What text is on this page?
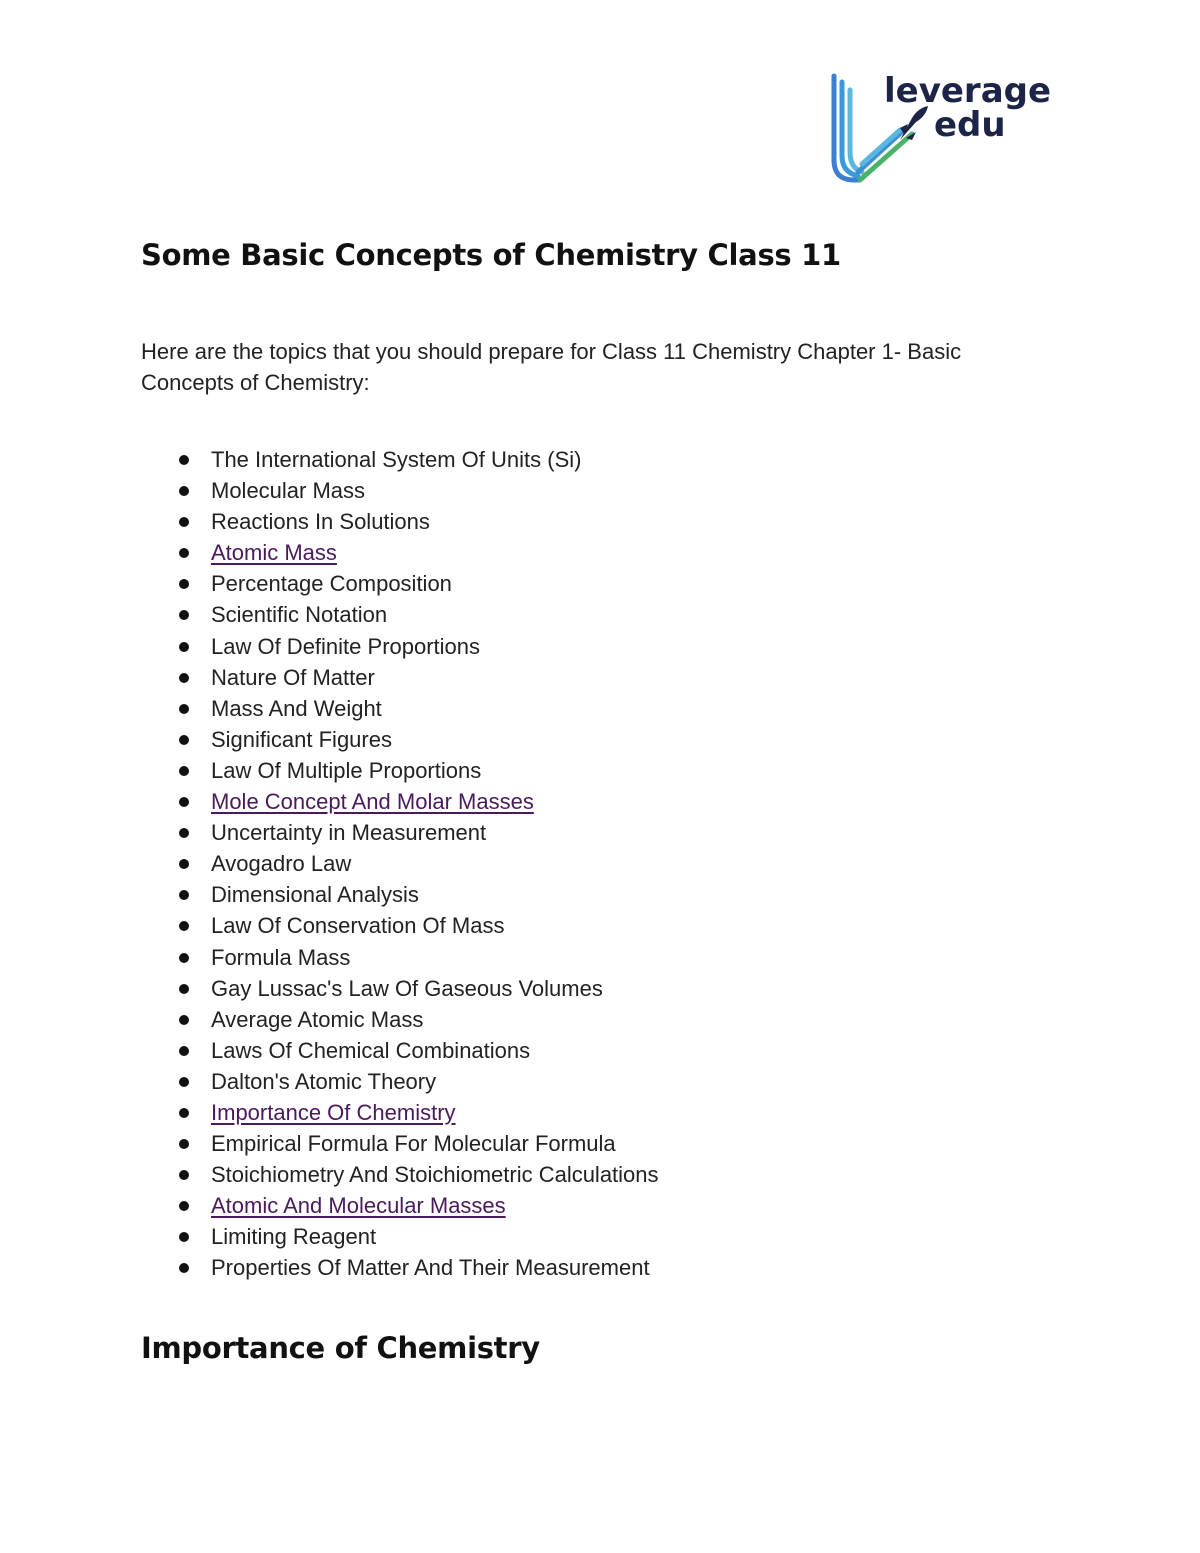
leverage
edu
Some Basic Concepts of Chemistry Class 11

Here are the topics that you should prepare for Class 11 Chemistry Chapter 1- Basic Concepts of Chemistry:

The International System Of Units (Si)
Molecular Mass
Reactions In Solutions
Atomic Mass
Percentage Composition
Scientific Notation
Law Of Definite Proportions
Nature Of Matter
Mass And Weight
Significant Figures
Law Of Multiple Proportions
Mole Concept And Molar Masses
Uncertainty in Measurement
Avogadro Law
Dimensional Analysis
Law Of Conservation Of Mass
Formula Mass
Gay Lussac's Law Of Gaseous Volumes
Average Atomic Mass
Laws Of Chemical Combinations
Dalton's Atomic Theory
Importance Of Chemistry
Empirical Formula For Molecular Formula
Stoichiometry And Stoichiometric Calculations
Atomic And Molecular Masses
Limiting Reagent
Properties Of Matter And Their Measurement
Importance of Chemistry
